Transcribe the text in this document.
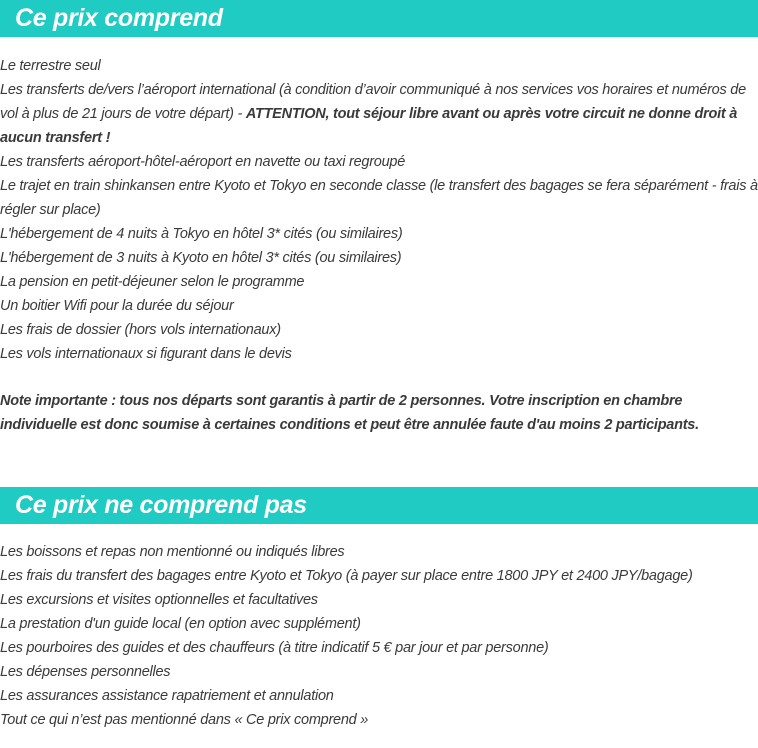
Ce prix comprend
Le terrestre seul
Les transferts de/vers l’aéroport international (à condition d’avoir communiqué à nos services vos horaires et numéros de vol à plus de 21 jours de votre départ) - ATTENTION, tout séjour libre avant ou après votre circuit ne donne droit à aucun transfert !
Les transferts aéroport-hôtel-aéroport en navette ou taxi regroupé
Le trajet en train shinkansen entre Kyoto et Tokyo en seconde classe (le transfert des bagages se fera séparément - frais à régler sur place)
L'hébergement de 4 nuits à Tokyo en hôtel 3* cités (ou similaires)
L'hébergement de 3 nuits à Kyoto en hôtel 3* cités (ou similaires)
La pension en petit-déjeuner selon le programme
Un boitier Wifi pour la durée du séjour
Les frais de dossier (hors vols internationaux)
Les vols internationaux si figurant dans le devis

Note importante : tous nos départs sont garantis à partir de 2 personnes. Votre inscription en chambre individuelle est donc soumise à certaines conditions et peut être annulée faute d'au moins 2 participants.

Ce prix ne comprend pas
Les boissons et repas non mentionné ou indiqués libres
Les frais du transfert des bagages entre Kyoto et Tokyo (à payer sur place entre 1800 JPY et 2400 JPY/bagage)
Les excursions et visites optionnelles et facultatives
La prestation d'un guide local (en option avec supplément)
Les pourboires des guides et des chauffeurs (à titre indicatif 5 € par jour et par personne)
Les dépenses personnelles
Les assurances assistance rapatriement et annulation
Tout ce qui n’est pas mentionné dans « Ce prix comprend »
